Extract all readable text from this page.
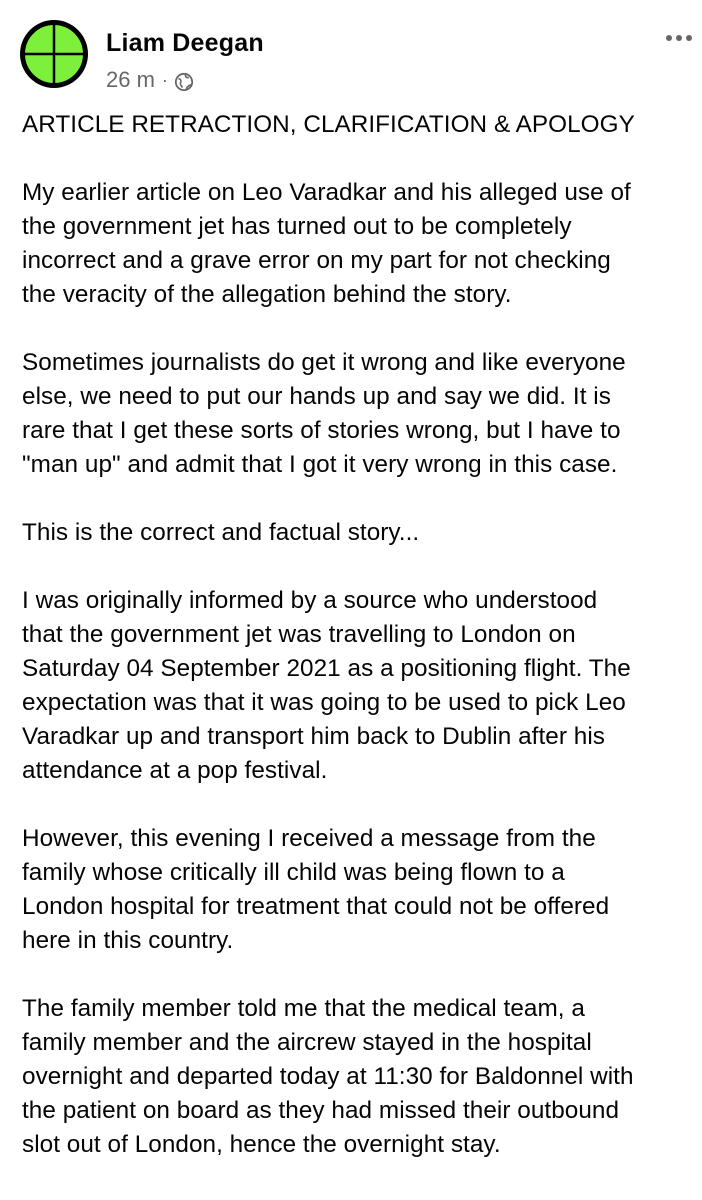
Liam Deegan
26 m ·

ARTICLE RETRACTION, CLARIFICATION & APOLOGY

My earlier article on Leo Varadkar and his alleged use of
the government jet has turned out to be completely
incorrect and a grave error on my part for not checking
the veracity of the allegation behind the story.

Sometimes journalists do get it wrong and like everyone
else, we need to put our hands up and say we did. It is
rare that I get these sorts of stories wrong, but I have to
"man up" and admit that I got it very wrong in this case.

This is the correct and factual story...

I was originally informed by a source who understood
that the government jet was travelling to London on
Saturday 04 September 2021 as a positioning flight. The
expectation was that it was going to be used to pick Leo
Varadkar up and transport him back to Dublin after his
attendance at a pop festival.

However, this evening I received a message from the
family whose critically ill child was being flown to a
London hospital for treatment that could not be offered
here in this country.

The family member told me that the medical team, a
family member and the aircrew stayed in the hospital
overnight and departed today at 11:30 for Baldonnel with
the patient on board as they had missed their outbound
slot out of London, hence the overnight stay.
